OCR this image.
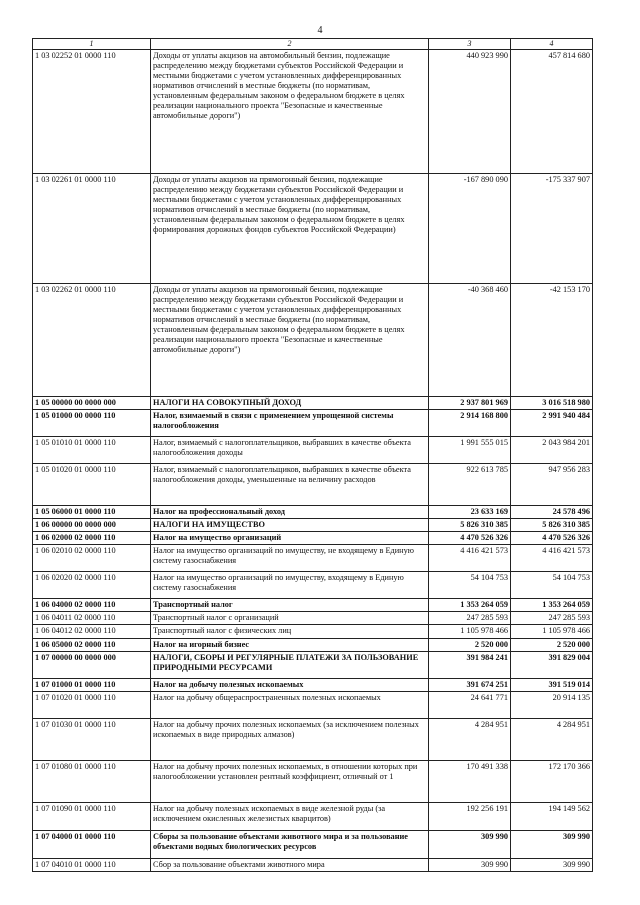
4
1	2	3	4
1 03 02252 01 0000 110	Доходы от уплаты акцизов на автомобильный бензин, подлежащие распределению между бюджетами субъектов Российской Федерации и местными бюджетами с учетом установленных дифференцированных нормативов отчислений в местные бюджеты (по нормативам, установленным федеральным законом о федеральном бюджете в целях реализации национального проекта "Безопасные и качественные автомобильные дороги")	440 923 990	457 814 680
1 03 02261 01 0000 110	Доходы от уплаты акцизов на прямогонный бензин, подлежащие распределению между бюджетами субъектов Российской Федерации и местными бюджетами с учетом установленных дифференцированных нормативов отчислений в местные бюджеты (по нормативам, установленным федеральным законом о федеральном бюджете в целях формирования дорожных фондов субъектов Российской Федерации)	-167 890 090	-175 337 907
1 03 02262 01 0000 110	Доходы от уплаты акцизов на прямогонный бензин, подлежащие распределению между бюджетами субъектов Российской Федерации и местными бюджетами с учетом установленных дифференцированных нормативов отчислений в местные бюджеты (по нормативам, установленным федеральным законом о федеральном бюджете в целях реализации национального проекта "Безопасные и качественные автомобильные дороги")	-40 368 460	-42 153 170
1 05 00000 00 0000 000	НАЛОГИ НА СОВОКУПНЫЙ ДОХОД	2 937 801 969	3 016 518 980
1 05 01000 00 0000 110	Налог, взимаемый в связи с применением упрощенной системы налогообложения	2 914 168 800	2 991 940 484
1 05 01010 01 0000 110	Налог, взимаемый с налогоплательщиков, выбравших в качестве объекта налогообложения доходы	1 991 555 015	2 043 984 201
1 05 01020 01 0000 110	Налог, взимаемый с налогоплательщиков, выбравших в качестве объекта налогообложения доходы, уменьшенные на величину расходов	922 613 785	947 956 283
1 05 06000 01 0000 110	Налог на профессиональный доход	23 633 169	24 578 496
1 06 00000 00 0000 000	НАЛОГИ НА ИМУЩЕСТВО	5 826 310 385	5 826 310 385
1 06 02000 02 0000 110	Налог на имущество организаций	4 470 526 326	4 470 526 326
1 06 02010 02 0000 110	Налог на имущество организаций по имуществу, не входящему в Единую систему газоснабжения	4 416 421 573	4 416 421 573
1 06 02020 02 0000 110	Налог на имущество организаций по имуществу, входящему в Единую систему газоснабжения	54 104 753	54 104 753
1 06 04000 02 0000 110	Транспортный налог	1 353 264 059	1 353 264 059
1 06 04011 02 0000 110	Транспортный налог с организаций	247 285 593	247 285 593
1 06 04012 02 0000 110	Транспортный налог с физических лиц	1 105 978 466	1 105 978 466
1 06 05000 02 0000 110	Налог на игорный бизнес	2 520 000	2 520 000
1 07 00000 00 0000 000	НАЛОГИ, СБОРЫ И РЕГУЛЯРНЫЕ ПЛАТЕЖИ ЗА ПОЛЬЗОВАНИЕ ПРИРОДНЫМИ РЕСУРСАМИ	391 984 241	391 829 004
1 07 01000 01 0000 110	Налог на добычу полезных ископаемых	391 674 251	391 519 014
1 07 01020 01 0000 110	Налог на добычу общераспространенных полезных ископаемых	24 641 771	20 914 135
1 07 01030 01 0000 110	Налог на добычу прочих полезных ископаемых (за исключением полезных ископаемых в виде природных алмазов)	4 284 951	4 284 951
1 07 01080 01 0000 110	Налог на добычу прочих полезных ископаемых, в отношении которых при налогообложении установлен рентный коэффициент, отличный от 1	170 491 338	172 170 366
1 07 01090 01 0000 110	Налог на добычу полезных ископаемых в виде железной руды (за исключением окисленных железистых кварцитов)	192 256 191	194 149 562
1 07 04000 01 0000 110	Сборы за пользование объектами животного мира и за пользование объектами водных биологических ресурсов	309 990	309 990
1 07 04010 01 0000 110	Сбор за пользование объектами животного мира	309 990	309 990
